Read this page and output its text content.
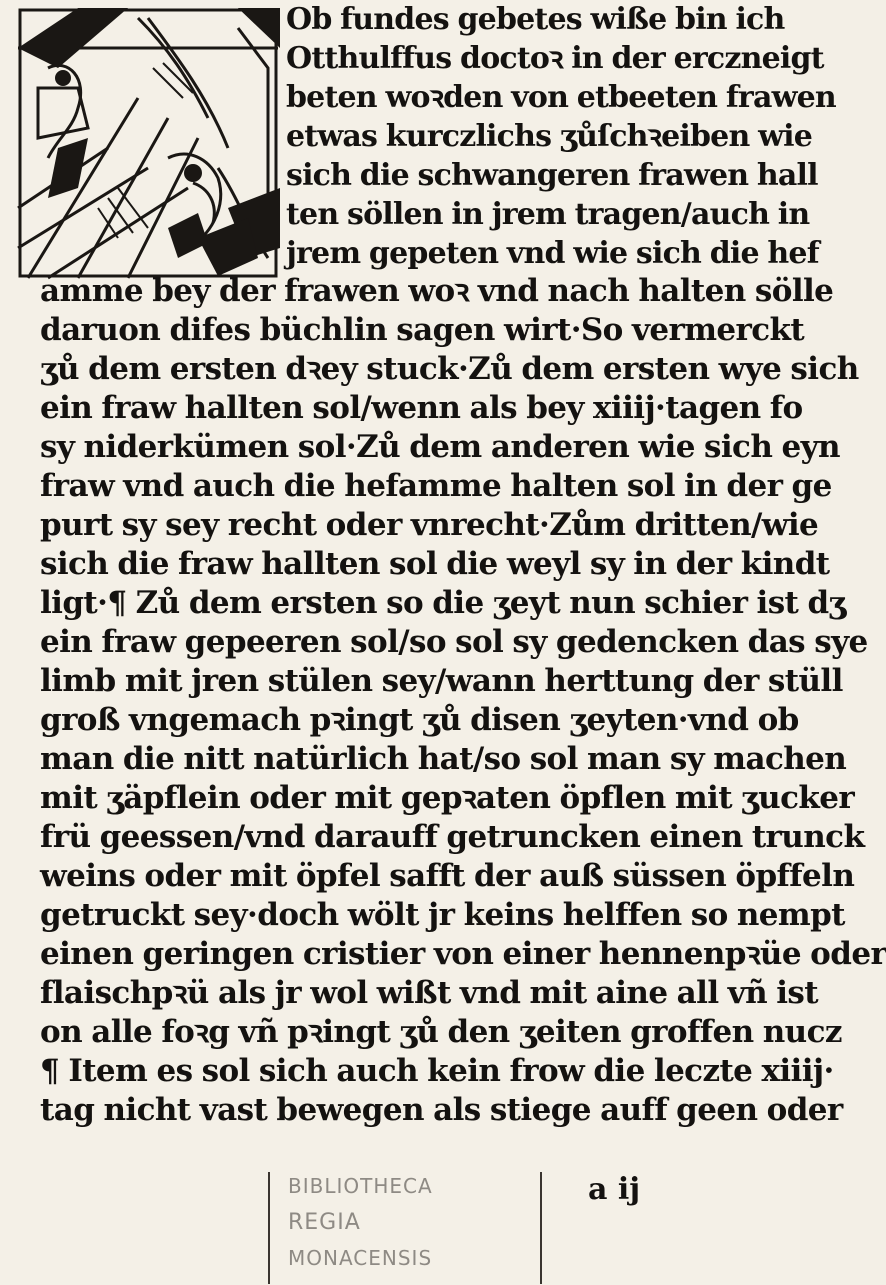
Ob fundes gebetes wiße bin ich
Otthulffus doctoꝛ in der erczneigt
beten woꝛden von etbeeten frawen
etwas kurczlichs ʒůſchꝛeiben wie
sich die schwangeren frawen hall
ten söllen in jrem tragen/auch in
jrem gepeten vnd wie sich die hef
amme bey der frawen woꝛ vnd nach halten sölle
daruon difes büchlin sagen wirt·So vermerckt
ʒů dem ersten dꝛey stuck·Zů dem ersten wye sich
ein fraw hallten sol/wenn als bey xiiij·tagen fo
sy niderkümen sol·Zů dem anderen wie sich eyn
fraw vnd auch die hefamme halten sol in der ge
purt sy sey recht oder vnrecht·Zům dritten/wie
sich die fraw hallten sol die weyl sy in der kindt
ligt·¶ Zů dem ersten so die ʒeyt nun schier ist dʒ
ein fraw gepeeren sol/so sol sy gedencken das sye
limb mit jren stülen sey/wann herttung der stüll
groß vngemach pꝛingt ʒů disen ʒeyten·vnd ob
man die nitt natürlich hat/so sol man sy machen
mit ʒäpflein oder mit gepꝛaten öpflen mit ʒucker
frü geessen/vnd darauff getruncken einen trunck
weins oder mit öpfel safft der auß süssen öpffeln
getruckt sey·doch wölt jr keins helffen so nempt
einen geringen cristier von einer hennenpꝛüe oder
flaischpꝛü als jr wol wißt vnd mit aine all vñ ist
on alle foꝛg vñ pꝛingt ʒů den ʒeiten groffen nucz
¶ Item es sol sich auch kein frow die leczte xiiij·
tag nicht vast bewegen als stiege auff geen oder
BIBLIOTHECA
REGIA
MONACENSIS
a ij
